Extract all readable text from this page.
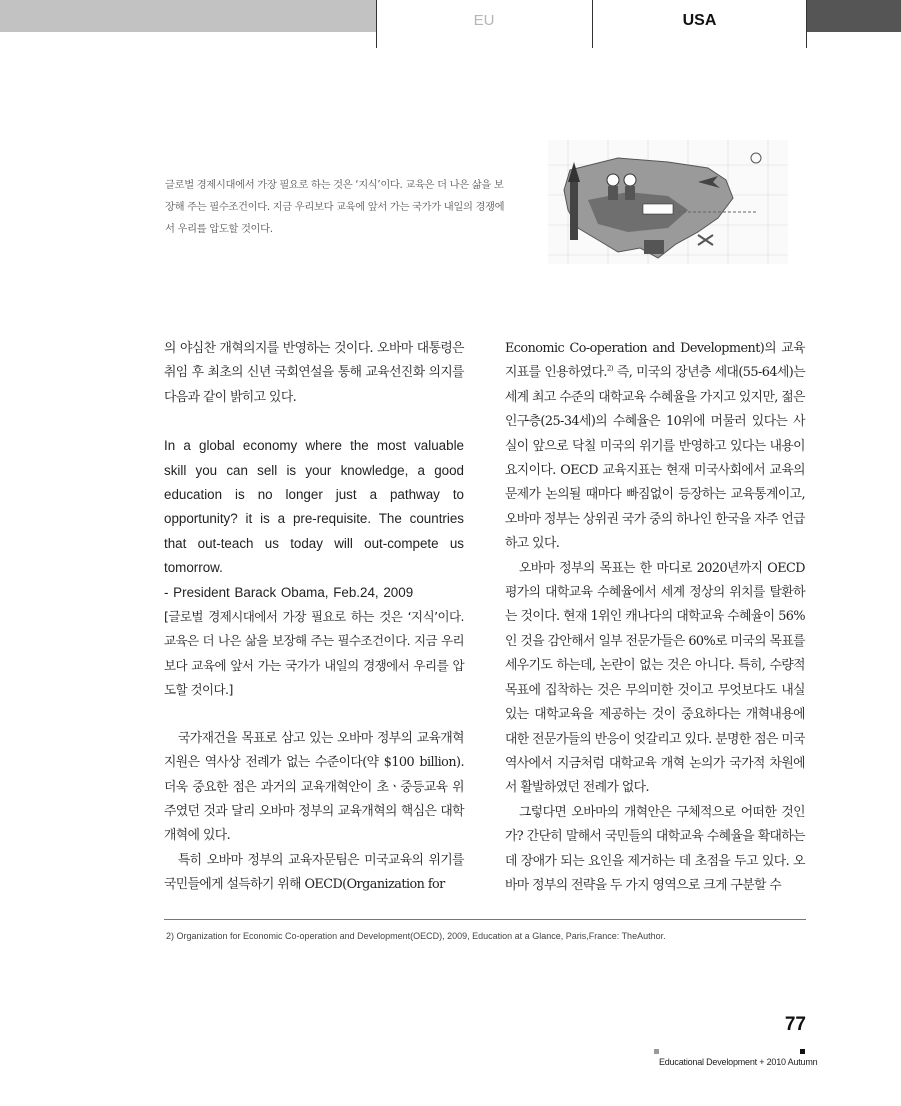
EU	USA
글로벌 경제시대에서 가장 필요로 하는 것은 ‘지식’이다. 교육은 더 나은 삶을 보장해 주는 필수조건이다. 지금 우리보다 교육에 앞서 가는 국가가 내일의 경쟁에서 우리를 압도할 것이다.

의 야심찬 개혁의지를 반영하는 것이다. 오바마 대통령은 취임 후 최초의 신년 국회연설을 통해 교육선진화 의지를 다음과 같이 밝히고 있다.

In a global economy where the most valuable skill you can sell is your knowledge, a good education is no longer just a pathway to opportunity? it is a pre-requisite. The countries that out-teach us today will out-compete us tomorrow.

- President Barack Obama, Feb.24, 2009

[글로벌 경제시대에서 가장 필요로 하는 것은 ‘지식’이다. 교육은 더 나은 삶을 보장해 주는 필수조건이다. 지금 우리보다 교육에 앞서 가는 국가가 내일의 경쟁에서 우리를 압도할 것이다.]

국가재건을 목표로 삼고 있는 오바마 정부의 교육개혁 지원은 역사상 전례가 없는 수준이다(약 $100 billion). 더욱 중요한 점은 과거의 교육개혁안이 초ㆍ중등교육 위주였던 것과 달리 오바마 정부의 교육개혁의 핵심은 대학개혁에 있다.

특히 오바마 정부의 교육자문팀은 미국교육의 위기를 국민들에게 설득하기 위해 OECD(Organization for

Economic Co-operation and Development)의 교육지표를 인용하였다.$^{2)}$ 즉, 미국의 장년층 세대(55-64세)는 세계 최고 수준의 대학교육 수혜율을 가지고 있지만, 젊은 인구층(25-34세)의 수혜율은 10위에 머물러 있다는 사실이 앞으로 닥칠 미국의 위기를 반영하고 있다는 내용이 요지이다. OECD 교육지표는 현재 미국사회에서 교육의 문제가 논의될 때마다 빠짐없이 등장하는 교육통계이고, 오바마 정부는 상위권 국가 중의 하나인 한국을 자주 언급하고 있다.

오바마 정부의 목표는 한 마디로 2020년까지 OECD 평가의 대학교육 수혜율에서 세계 정상의 위치를 탈환하는 것이다. 현재 1위인 캐나다의 대학교육 수혜율이 56%인 것을 감안해서 일부 전문가들은 60%로 미국의 목표를 세우기도 하는데, 논란이 없는 것은 아니다. 특히, 수량적 목표에 집착하는 것은 무의미한 것이고 무엇보다도 내실 있는 대학교육을 제공하는 것이 중요하다는 개혁내용에 대한 전문가들의 반응이 엇갈리고 있다. 분명한 점은 미국 역사에서 지금처럼 대학교육 개혁 논의가 국가적 차원에서 활발하였던 전례가 없다.

그렇다면 오바마의 개혁안은 구체적으로 어떠한 것인가? 간단히 말해서 국민들의 대학교육 수혜율을 확대하는 데 장애가 되는 요인을 제거하는 데 초점을 두고 있다. 오바마 정부의 전략을 두 가지 영역으로 크게 구분할 수

2) Organization for Economic Co-operation and Development(OECD), 2009, Education at a Glance, Paris,France: TheAuthor.
77
Educational Development + 2010 Autumn
